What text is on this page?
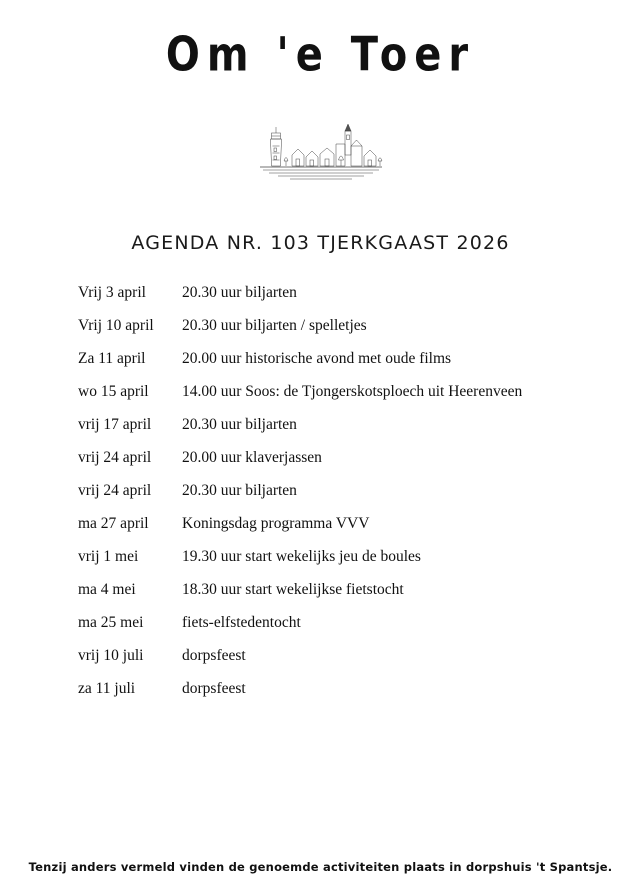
Om 'e Toer
AGENDA NR. 103 TJERKGAAST 2026
Vrij 3 april	20.30 uur biljarten
Vrij 10 april	20.30 uur biljarten / spelletjes
Za 11 april	20.00 uur historische avond met oude films
wo 15 april	14.00 uur Soos: de Tjongerskotsploech uit Heerenveen
vrij 17 april	20.30 uur biljarten
vrij 24 april	20.00 uur klaverjassen
vrij 24 april	20.30 uur biljarten
ma 27 april	Koningsdag programma VVV
vrij 1 mei	19.30 uur start wekelijks jeu de boules
ma 4 mei	18.30 uur start wekelijkse fietstocht
ma 25 mei	fiets-elfstedentocht
vrij 10 juli	dorpsfeest
za 11 juli	dorpsfeest
Tenzij anders vermeld vinden de genoemde activiteiten plaats in dorpshuis 't Spantsje.
